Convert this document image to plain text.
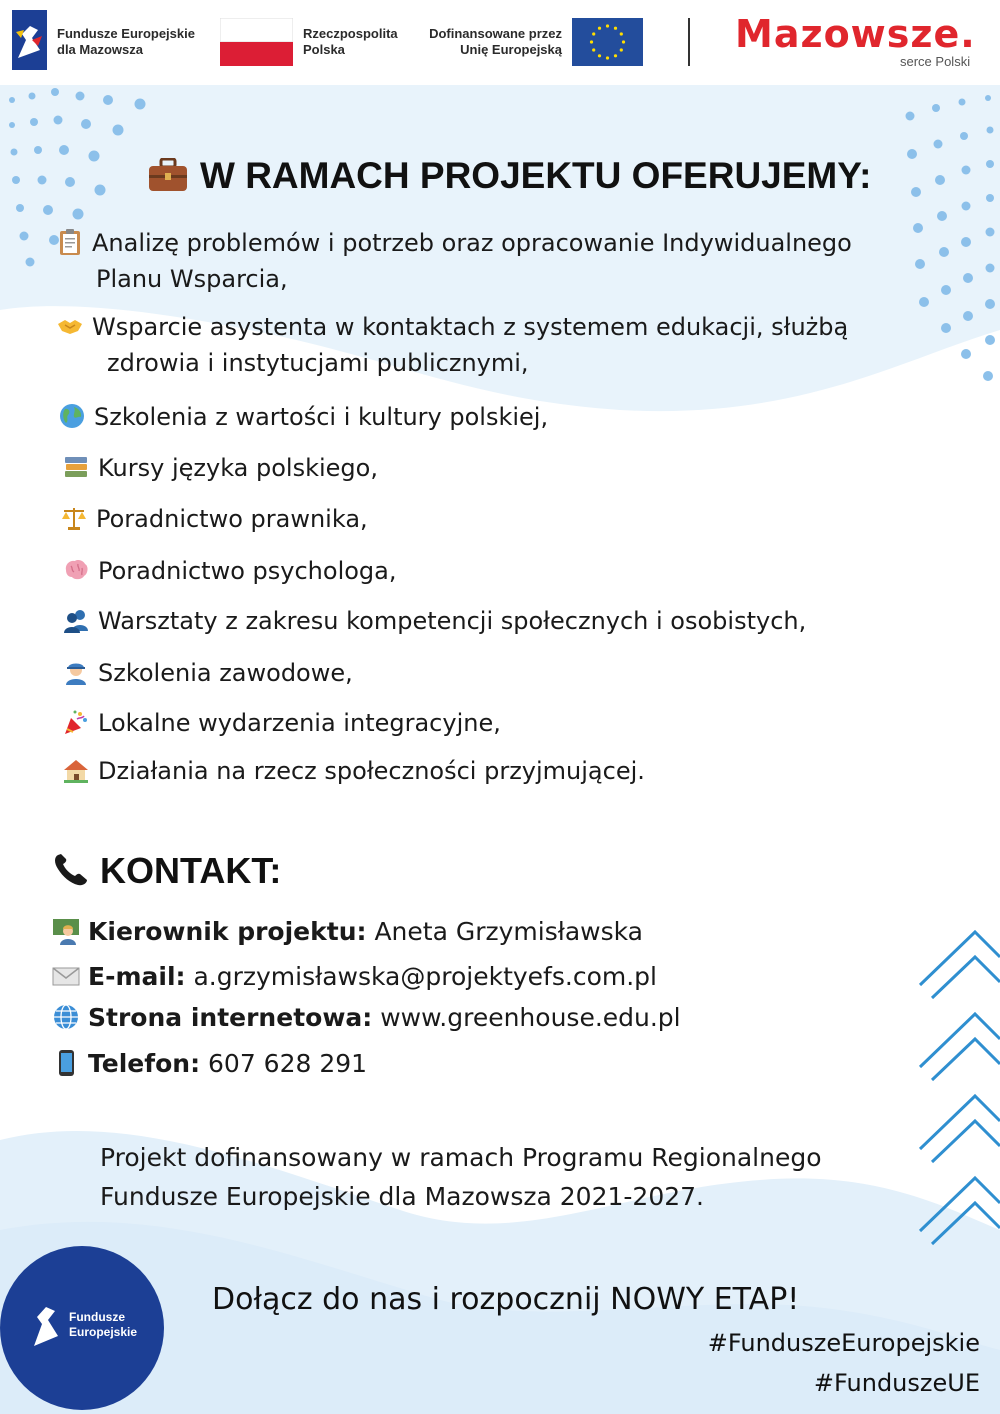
Fundusze Europejskie
dla Mazowsza
Rzeczpospolita
Polska
Dofinansowane przez
Unię Europejską	Mazowsze.
serce Polski
W RAMACH PROJEKTU OFERUJEMY:
Analizę problemów i potrzeb oraz opracowanie Indywidualnego
Planu Wsparcia,
Wsparcie asystenta w kontaktach z systemem edukacji, służbą
zdrowia i instytucjami publicznymi,
Szkolenia z wartości i kultury polskiej,
Kursy języka polskiego,
Poradnictwo prawnika,
Poradnictwo psychologa,
Warsztaty z zakresu kompetencji społecznych i osobistych,
Szkolenia zawodowe,
Lokalne wydarzenia integracyjne,
Działania na rzecz społeczności przyjmującej.
KONTAKT:
Kierownik projektu: Aneta Grzymisławska
E-mail: a.grzymisławska@projektyefs.com.pl
Strona internetowa: www.greenhouse.edu.pl
Telefon: 607 628 291
Projekt dofinansowany w ramach Programu Regionalnego
Fundusze Europejskie dla Mazowsza 2021-2027.
Dołącz do nas i rozpocznij NOWY ETAP!
#FunduszeEuropejskie
#FunduszeUE
Fundusze
Europejskie
